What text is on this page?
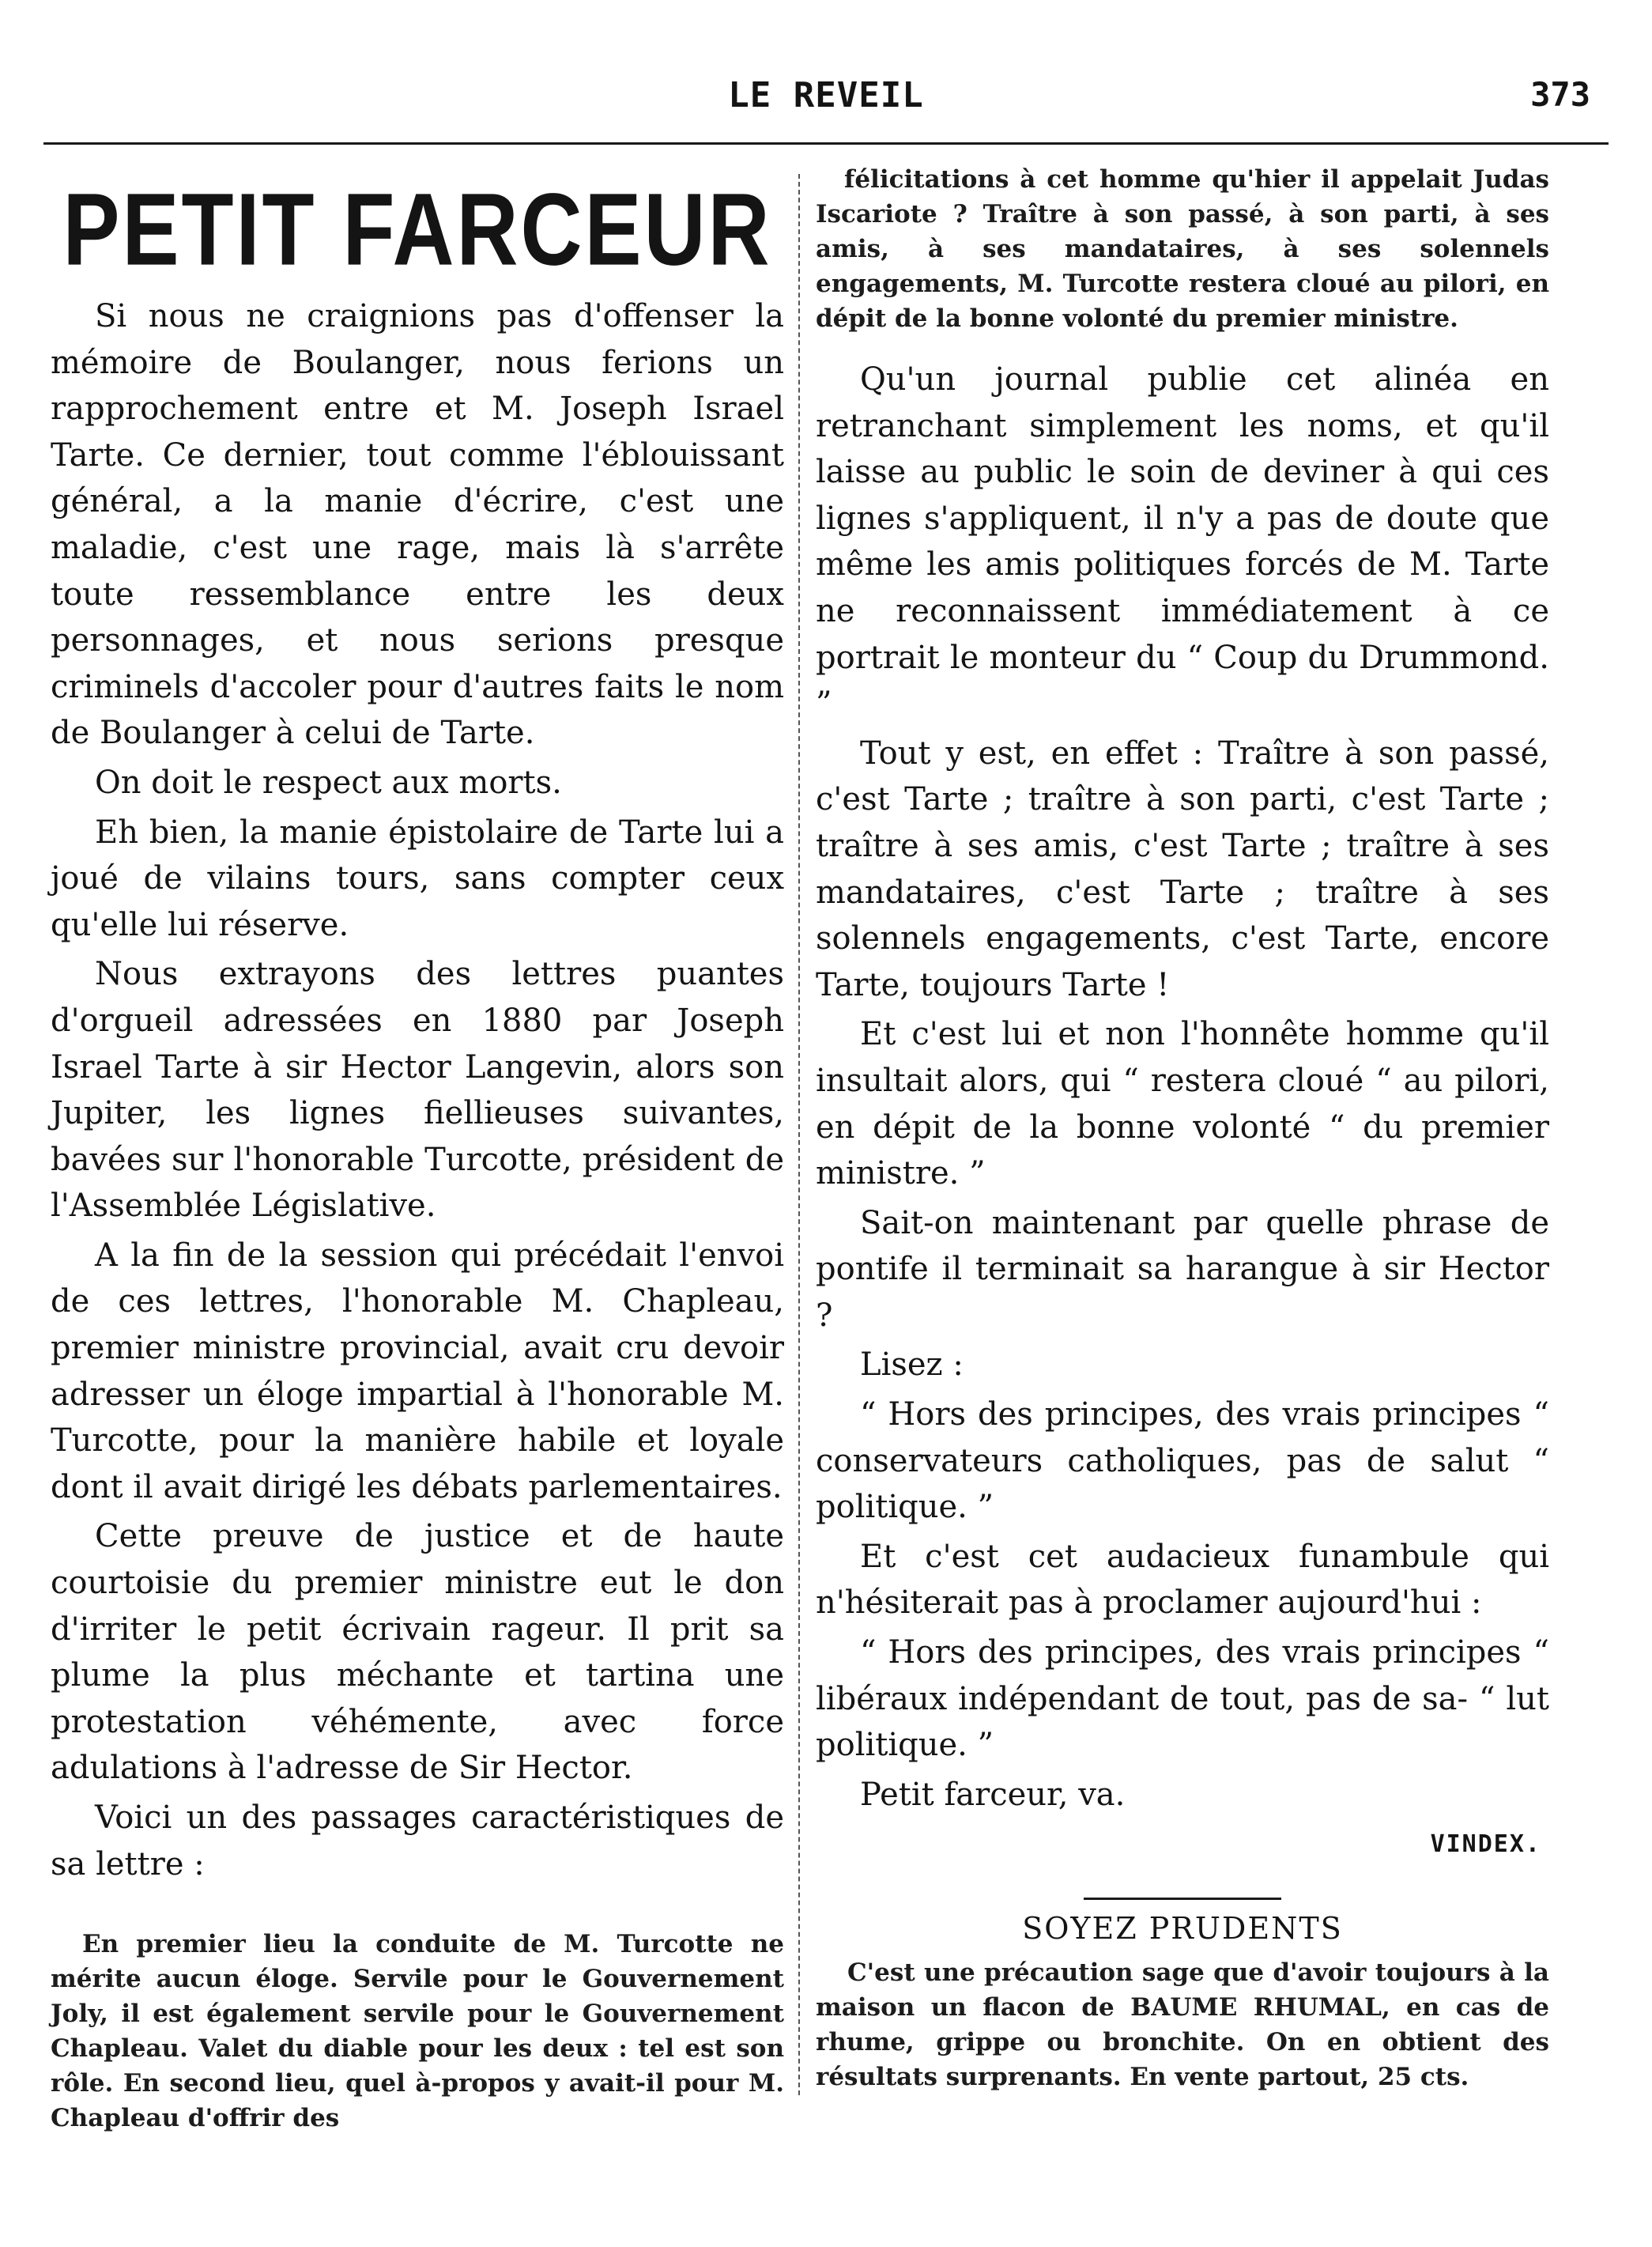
LE REVEIL	373
PETIT FARCEUR

Si nous ne craignions pas d'offenser la mémoire de Boulanger, nous ferions un rapprochement entre et M. Joseph Israel Tarte. Ce dernier, tout comme l'éblouissant général, a la manie d'écrire, c'est une maladie, c'est une rage, mais là s'arrête toute ressemblance entre les deux personnages, et nous serions presque criminels d'accoler pour d'autres faits le nom de Boulanger à celui de Tarte.

On doit le respect aux morts.

Eh bien, la manie épistolaire de Tarte lui a joué de vilains tours, sans compter ceux qu'elle lui réserve.

Nous extrayons des lettres puantes d'orgueil adressées en 1880 par Joseph Israel Tarte à sir Hector Langevin, alors son Jupiter, les lignes fiellieuses suivantes, bavées sur l'honorable Turcotte, président de l'Assemblée Législative.

A la fin de la session qui précédait l'envoi de ces lettres, l'honorable M. Chapleau, premier ministre provincial, avait cru devoir adresser un éloge impartial à l'honorable M. Turcotte, pour la manière habile et loyale dont il avait dirigé les débats parlementaires.

Cette preuve de justice et de haute courtoisie du premier ministre eut le don d'irriter le petit écrivain rageur. Il prit sa plume la plus méchante et tartina une protestation véhémente, avec force adulations à l'adresse de Sir Hector.

Voici un des passages caractéristiques de sa lettre :

En premier lieu la conduite de M. Turcotte ne mérite aucun éloge. Servile pour le Gouvernement Joly, il est également servile pour le Gouvernement Chapleau. Valet du diable pour les deux : tel est son rôle. En second lieu, quel à-propos y avait-il pour M. Chapleau d'offrir des

félicitations à cet homme qu'hier il appelait Judas Iscariote ? Traître à son passé, à son parti, à ses amis, à ses mandataires, à ses solennels engagements, M. Turcotte restera cloué au pilori, en dépit de la bonne volonté du premier ministre.

Qu'un journal publie cet alinéa en retranchant simplement les noms, et qu'il laisse au public le soin de deviner à qui ces lignes s'appliquent, il n'y a pas de doute que même les amis politiques forcés de M. Tarte ne reconnaissent immédiatement à ce portrait le monteur du “ Coup du Drummond. ”

Tout y est, en effet : Traître à son passé, c'est Tarte ; traître à son parti, c'est Tarte ; traître à ses amis, c'est Tarte ; traître à ses mandataires, c'est Tarte ; traître à ses solennels engagements, c'est Tarte, encore Tarte, toujours Tarte !

Et c'est lui et non l'honnête homme qu'il insultait alors, qui “ restera cloué “ au pilori, en dépit de la bonne volonté “ du premier ministre. ”

Sait-on maintenant par quelle phrase de pontife il terminait sa harangue à sir Hector ?

Lisez :

“ Hors des principes, des vrais principes “ conservateurs catholiques, pas de salut “ politique. ”

Et c'est cet audacieux funambule qui n'hésiterait pas à proclamer aujourd'hui :

“ Hors des principes, des vrais principes “ libéraux indépendant de tout, pas de sa- “ lut politique. ”

Petit farceur, va.

VINDEX.
SOYEZ PRUDENTS

C'est une précaution sage que d'avoir toujours à la maison un flacon de BAUME RHUMAL, en cas de rhume, grippe ou bronchite. On en obtient des résultats surprenants. En vente partout, 25 cts.
